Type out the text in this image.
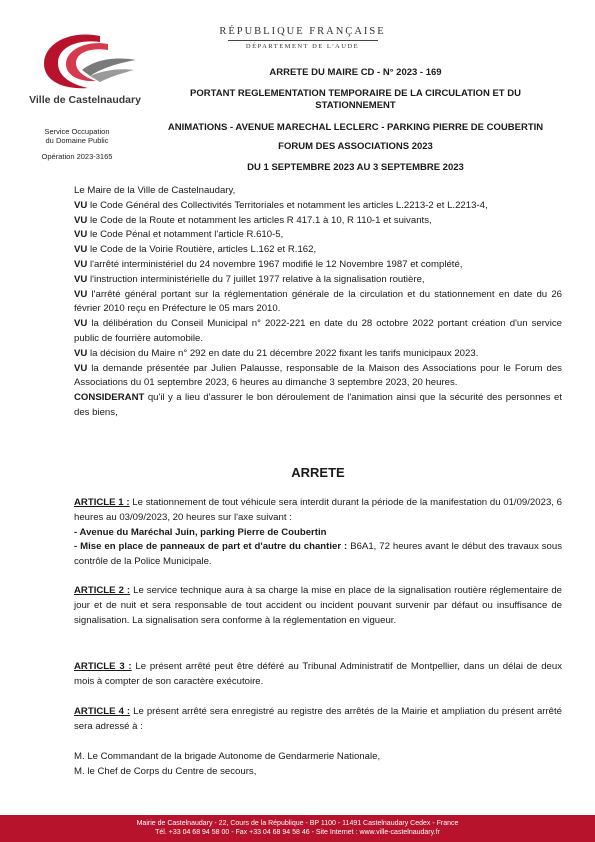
Ville de Castelnaudary
RÉPUBLIQUE FRANÇAISE
DÉPARTEMENT DE L'AUDE
Service Occupation
du Domaine Public
Opération 2023-3165
ARRETE DU MAIRE CD - N° 2023 - 169
PORTANT REGLEMENTATION TEMPORAIRE DE LA CIRCULATION ET DU
STATIONNEMENT
ANIMATIONS - AVENUE MARECHAL LECLERC - PARKING PIERRE DE COUBERTIN
FORUM DES ASSOCIATIONS 2023
DU 1 SEPTEMBRE 2023 AU 3 SEPTEMBRE 2023

Le Maire de la Ville de Castelnaudary,

VU le Code Général des Collectivités Territoriales et notamment les articles L.2213-2 et L.2213-4,

VU le Code de la Route et notamment les articles R 417.1 à 10, R 110-1 et suivants,

VU le Code Pénal et notamment l'article R.610-5,

VU le Code de la Voirie Routière, articles L.162 et R.162,

VU l'arrêté interministériel du 24 novembre 1967 modifié le 12 Novembre 1987 et complété,

VU l'instruction interministérielle du 7 juillet 1977 relative à la signalisation routière,

VU l'arrêté général portant sur la réglementation générale de la circulation et du stationnement en date du 26 février 2010 reçu en Préfecture le 05 mars 2010.

VU la délibération du Conseil Municipal n° 2022-221 en date du 28 octobre 2022 portant création d'un service public de fourrière automobile.

VU la décision du Maire n° 292 en date du 21 décembre 2022 fixant les tarifs municipaux 2023.

VU la demande présentée par Julien Palausse, responsable de la Maison des Associations pour le Forum des Associations du 01 septembre 2023, 6 heures au dimanche 3 septembre 2023, 20 heures.

CONSIDERANT qu'il y a lieu d'assurer le bon déroulement de l'animation ainsi que la sécurité des personnes et des biens,

ARRETE

ARTICLE 1 : Le stationnement de tout véhicule sera interdit durant la période de la manifestation du 01/09/2023, 6 heures au 03/09/2023, 20 heures sur l'axe suivant :

- Avenue du Maréchal Juin, parking Pierre de Coubertin

- Mise en place de panneaux de part et d'autre du chantier : B6A1, 72 heures avant le début des travaux sous contrôle de la Police Municipale.

ARTICLE 2 : Le service technique aura à sa charge la mise en place de la signalisation routière réglementaire de jour et de nuit et sera responsable de tout accident ou incident pouvant survenir par défaut ou insuffisance de signalisation. La signalisation sera conforme à la réglementation en vigueur.

ARTICLE 3 : Le présent arrêté peut être déféré au Tribunal Administratif de Montpellier, dans un délai de deux mois à compter de son caractère exécutoire.

ARTICLE 4 : Le présent arrêté sera enregistré au registre des arrêtés de la Mairie et ampliation du présent arrêté sera adressé à :

M. Le Commandant de la brigade Autonome de Gendarmerie Nationale,

M. le Chef de Corps du Centre de secours,

Mairie de Castelnaudary - 22, Cours de la République - BP 1100 - 11491 Castelnaudary Cedex - France
Tél. +33 04 68 94 58 00 - Fax +33 04 68 94 58 46 - Site Internet : www.ville-castelnaudary.fr
